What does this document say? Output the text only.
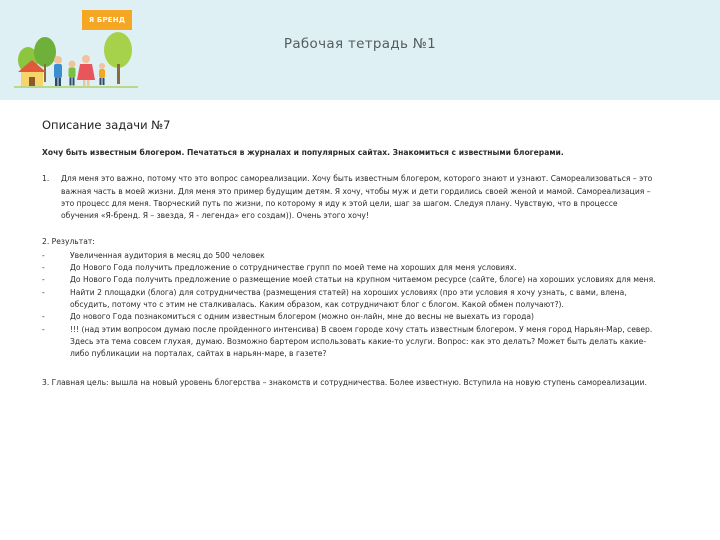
Я БРЕНД
Рабочая тетрадь №1
Описание задачи №7

Хочу быть известным блогером. Печататься в журналах и популярных сайтах. Знакомиться с известными блогерами.

1.	Для меня это важно, потому что это вопрос самореализации. Хочу быть известным блогером, которого знают и узнают. Самореализоваться – это важная часть в моей жизни. Для меня это пример будущим детям. Я хочу, чтобы муж и дети гордились своей женой и мамой. Самореализация – это процесс для меня. Творческий путь по жизни, по которому я иду к этой цели, шаг за шагом. Следуя плану. Чувствую, что в процессе обучения «Я-бренд. Я – звезда, Я - легенда» его создам)). Очень этого хочу!

2. Результат:

-	Увеличенная аудитория в месяц до 500 человек
-	До Нового Года получить предложение о сотрудничестве групп по моей теме на хороших для меня условиях.
-	До Нового Года получить предложение о размещение моей статьи на крупном читаемом ресурсе (сайте, блоге) на хороших условиях для меня.
-	Найти 2 площадки (блога) для сотрудничества (размещения статей) на хороших условиях (про эти условия я хочу узнать, с вами, влена, обсудить, потому что с этим не сталкивалась. Каким образом, как сотрудничают блог с блогом. Какой обмен получают?).
-	До нового Года познакомиться с одним известным блогером (можно он-лайн, мне до весны не выехать из города)
-	!!! (над этим вопросом думаю после пройденного интенсива) В своем городе хочу стать известным блогером. У меня город Нарьян-Мар, север. Здесь эта тема совсем глухая, думаю. Возможно бартером использовать какие-то услуги. Вопрос: как это делать? Может быть делать какие-либо публикации на порталах, сайтах в нарьян-маре, в газете?

3. Главная цель: вышла на новый уровень блогерства – знакомств и сотрудничества. Более известную. Вступила на новую ступень самореализации.
